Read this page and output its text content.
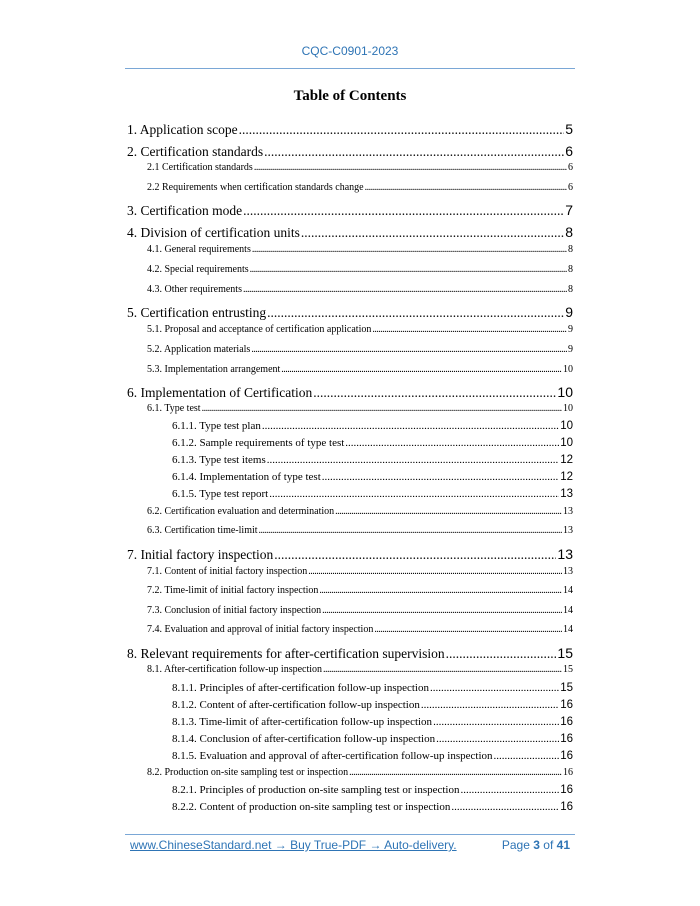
CQC-C0901-2023
Table of Contents
1. Application scope .....	5
2. Certification standards .....	6
2.1 Certification standards .....	6
2.2 Requirements when certification standards change .....	6
3. Certification mode .....	7
4. Division of certification units .....	8
4.1. General requirements .....	8
4.2. Special requirements .....	8
4.3. Other requirements .....	8
5. Certification entrusting .....	9
5.1. Proposal and acceptance of certification application .....	9
5.2. Application materials .....	9
5.3. Implementation arrangement .....	10
6. Implementation of Certification .....	10
6.1. Type test .....	10
6.1.1. Type test plan .....	10
6.1.2. Sample requirements of type test .....	10
6.1.3. Type test items .....	12
6.1.4. Implementation of type test .....	12
6.1.5. Type test report .....	13
6.2. Certification evaluation and determination .....	13
6.3. Certification time-limit .....	13
7. Initial factory inspection .....	13
7.1. Content of initial factory inspection .....	13
7.2. Time-limit of initial factory inspection .....	14
7.3. Conclusion of initial factory inspection .....	14
7.4. Evaluation and approval of initial factory inspection .....	14
8. Relevant requirements for after-certification supervision .....	15
8.1. After-certification follow-up inspection .....	15
8.1.1. Principles of after-certification follow-up inspection .....	15
8.1.2. Content of after-certification follow-up inspection .....	16
8.1.3. Time-limit of after-certification follow-up inspection .....	16
8.1.4. Conclusion of after-certification follow-up inspection .....	16
8.1.5. Evaluation and approval of after-certification follow-up inspection .....	16
8.2. Production on-site sampling test or inspection .....	16
8.2.1. Principles of production on-site sampling test or inspection .....	16
8.2.2. Content of production on-site sampling test or inspection .....	16
www.ChineseStandard.net → Buy True-PDF → Auto-delivery.	Page 3 of 41
